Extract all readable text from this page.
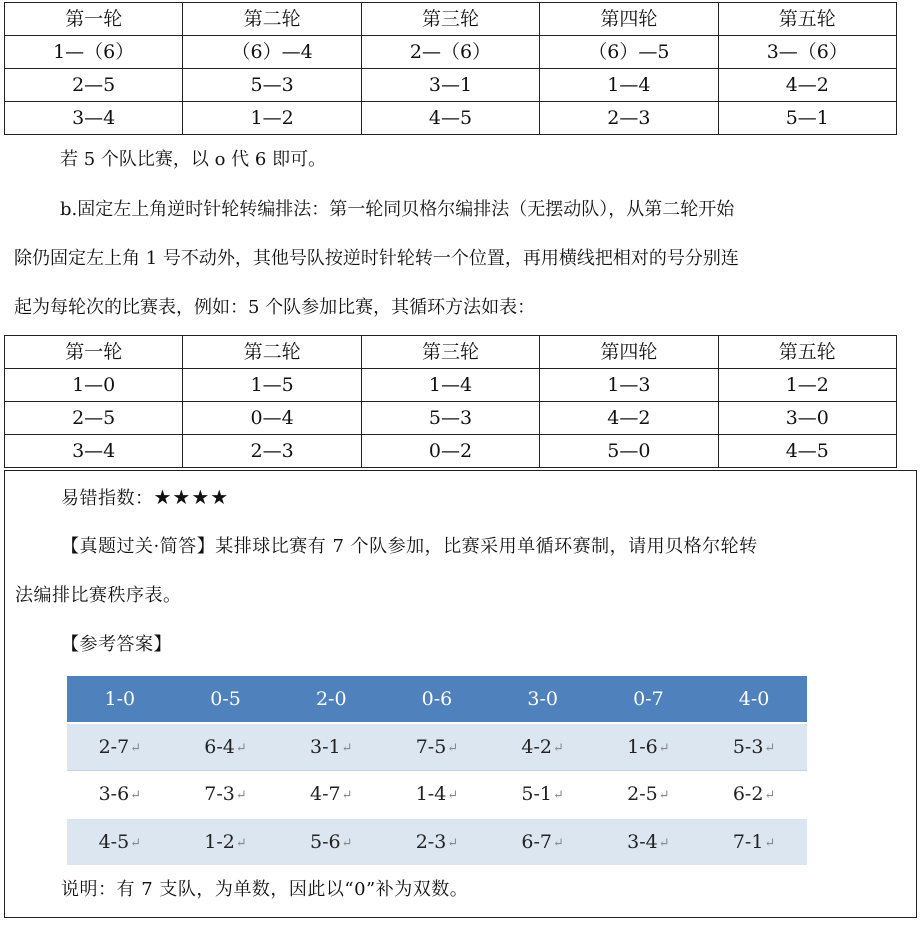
第一轮	第二轮	第三轮	第四轮	第五轮
1—（6）	（6）—4	2—（6）	（6）—5	3—（6）
2—5	5—3	3—1	1—4	4—2
3—4	1—2	4—5	2—3	5—1
若 5 个队比赛，以 o 代 6 即可。
b.固定左上角逆时针轮转编排法：第一轮同贝格尔编排法（无摆动队），从第二轮开始
除仍固定左上角 1 号不动外，其他号队按逆时针轮转一个位置，再用横线把相对的号分别连
起为每轮次的比赛表，例如：5 个队参加比赛，其循环方法如表：
第一轮	第二轮	第三轮	第四轮	第五轮
1—0	1—5	1—4	1—3	1—2
2—5	0—4	5—3	4—2	3—0
3—4	2—3	0—2	5—0	4—5
易错指数：★★★★
【真题过关·简答】某排球比赛有 7 个队参加，比赛采用单循环赛制，请用贝格尔轮转
法编排比赛秩序表。
【参考答案】
1-0	0-5	2-0	0-6	3-0	0-7	4-0
2-7↵	6-4↵	3-1↵	7-5↵	4-2↵	1-6↵	5-3↵
3-6↵	7-3↵	4-7↵	1-4↵	5-1↵	2-5↵	6-2↵
4-5↵	1-2↵	5-6↵	2-3↵	6-7↵	3-4↵	7-1↵
说明：有 7 支队，为单数，因此以“0”补为双数。
